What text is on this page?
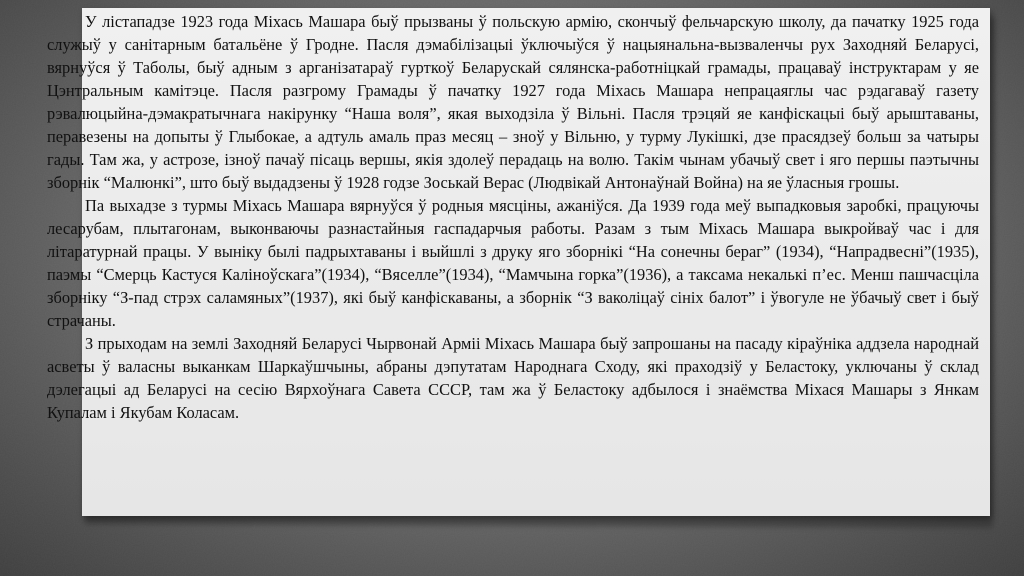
У лістападзе 1923 года Міхась Машара быў прызваны ў польскую армію, скончыў фельчарскую школу, да пачатку 1925 года служыў у санітарным батальёне ў Гродне. Пасля дэмабілізацыі ўключыўся ў нацыянальна-вызваленчы рух Заходняй Беларусі, вярнуўся ў Таболы, быў адным з арганізатараў гурткоў Беларускай сялянска-работніцкай грамады, працаваў інструктарам у яе Цэнтральным камітэце. Пасля разгрому Грамады ў пачатку 1927 года Міхась Машара непрацаяглы час рэдагаваў газету рэвалюцыйна-дэмакратычнага накірунку “Наша воля”, якая выходзіла ў Вільні. Пасля трэцяй яе канфіскацыі быў арыштаваны, перавезены на допыты ў Глыбокае, а адтуль амаль праз месяц – зноў у Вільню, у турму Лукішкі, дзе прасядзеў больш за чатыры гады. Там жа, у астрозе, ізноў пачаў пісаць вершы, якія здолеў перадаць на волю. Такім чынам убачыў свет і яго першы паэтычны зборнік “Малюнкі”, што быў выдадзены ў 1928 годзе Зоськай Верас (Людвікай Антонаўнай Война) на яе ўласныя грошы.

Па выхадзе з турмы Міхась Машара вярнуўся ў родныя мясціны, ажаніўся. Да 1939 года меў выпадковыя заробкі, працуючы лесарубам, плытагонам, выконваючы разнастайныя гаспадарчыя работы. Разам з тым Міхась Машара выкройваў час і для літаратурнай працы. У выніку былі падрыхтаваны і выйшлі з друку яго зборнікі “На сонечны бераг” (1934), “Напрадвесні”(1935), паэмы “Смерць Кастуся Каліноўскага”(1934), “Вяселле”(1934), “Мамчына горка”(1936), а таксама некалькі п’ес. Менш пашчасціла зборніку “З-пад стрэх саламяных”(1937), які быў канфіскаваны, а зборнік “З ваколіцаў сініх балот” і ўвогуле не ўбачыў свет і быў страчаны.

З прыходам на землі Заходняй Беларусі Чырвонай Арміі Міхась Машара быў запрошаны на пасаду кіраўніка аддзела народнай асветы ў валасны выканкам Шаркаўшчыны, абраны дэпутатам Народнага Сходу, які праходзіў у Беластоку, уключаны ў склад дэлегацыі ад Беларусі на сесію Вярхоўнага Савета СССР, там жа ў Беластоку адбылося і знаёмства Міхася Машары з Янкам Купалам і Якубам Коласам.
